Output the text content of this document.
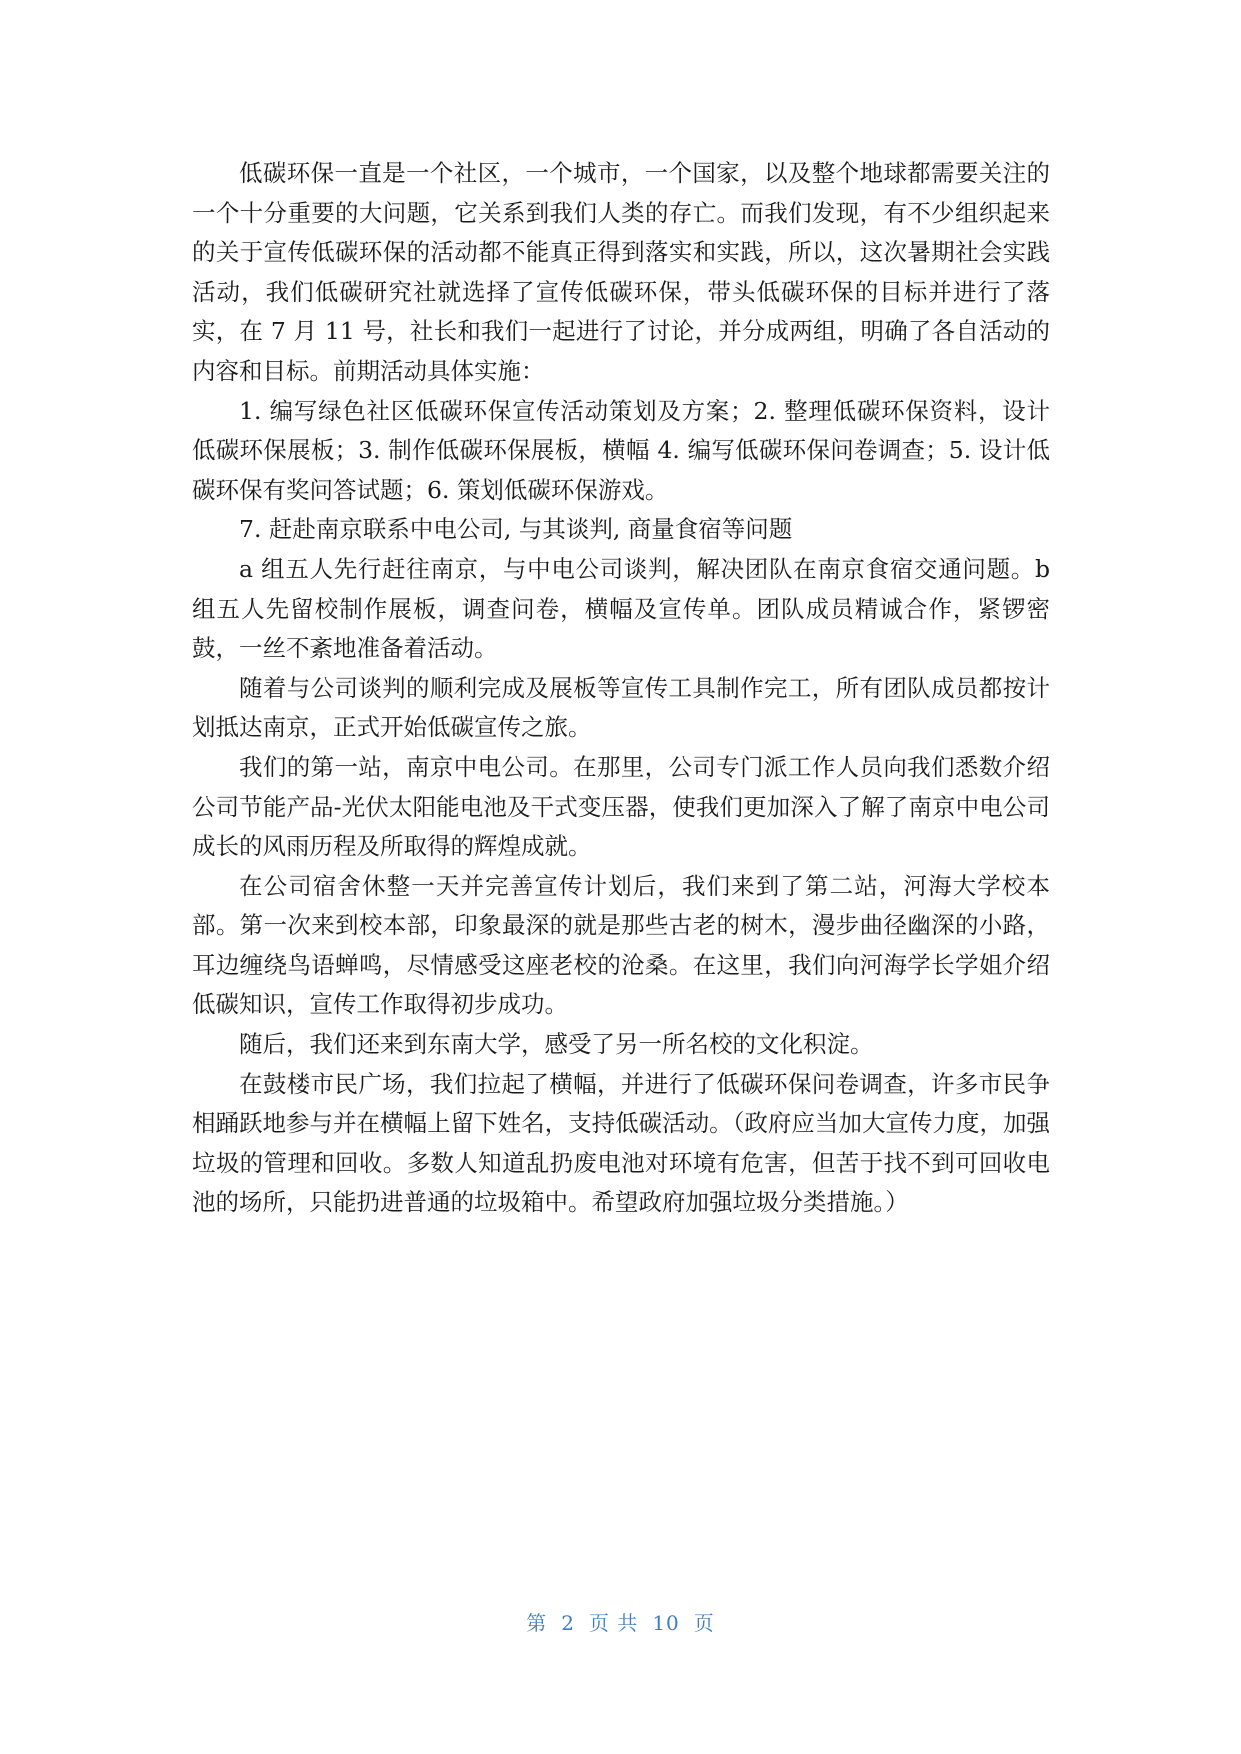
低碳环保一直是一个社区，一个城市，一个国家，以及整个地球都需要关注的一个十分重要的大问题，它关系到我们人类的存亡。而我们发现，有不少组织起来的关于宣传低碳环保的活动都不能真正得到落实和实践，所以，这次暑期社会实践活动，我们低碳研究社就选择了宣传低碳环保，带头低碳环保的目标并进行了落实，在 7 月 11 号，社长和我们一起进行了讨论，并分成两组，明确了各自活动的内容和目标。前期活动具体实施：

1. 编写绿色社区低碳环保宣传活动策划及方案；2. 整理低碳环保资料，设计低碳环保展板；3. 制作低碳环保展板，横幅 4. 编写低碳环保问卷调查；5. 设计低碳环保有奖问答试题；6. 策划低碳环保游戏。

7. 赶赴南京联系中电公司, 与其谈判, 商量食宿等问题

a 组五人先行赶往南京，与中电公司谈判，解决团队在南京食宿交通问题。b 组五人先留校制作展板，调查问卷，横幅及宣传单。团队成员精诚合作，紧锣密鼓，一丝不紊地准备着活动。

随着与公司谈判的顺利完成及展板等宣传工具制作完工，所有团队成员都按计划抵达南京，正式开始低碳宣传之旅。

我们的第一站，南京中电公司。在那里，公司专门派工作人员向我们悉数介绍公司节能产品-光伏太阳能电池及干式变压器，使我们更加深入了解了南京中电公司成长的风雨历程及所取得的辉煌成就。

在公司宿舍休整一天并完善宣传计划后，我们来到了第二站，河海大学校本部。第一次来到校本部，印象最深的就是那些古老的树木，漫步曲径幽深的小路，耳边缠绕鸟语蝉鸣，尽情感受这座老校的沧桑。在这里，我们向河海学长学姐介绍低碳知识，宣传工作取得初步成功。

随后，我们还来到东南大学，感受了另一所名校的文化积淀。

在鼓楼市民广场，我们拉起了横幅，并进行了低碳环保问卷调查，许多市民争相踊跃地参与并在横幅上留下姓名，支持低碳活动。（政府应当加大宣传力度，加强垃圾的管理和回收。多数人知道乱扔废电池对环境有危害，但苦于找不到可回收电池的场所，只能扔进普通的垃圾箱中。希望政府加强垃圾分类措施。）

第 2 页 共 10 页
